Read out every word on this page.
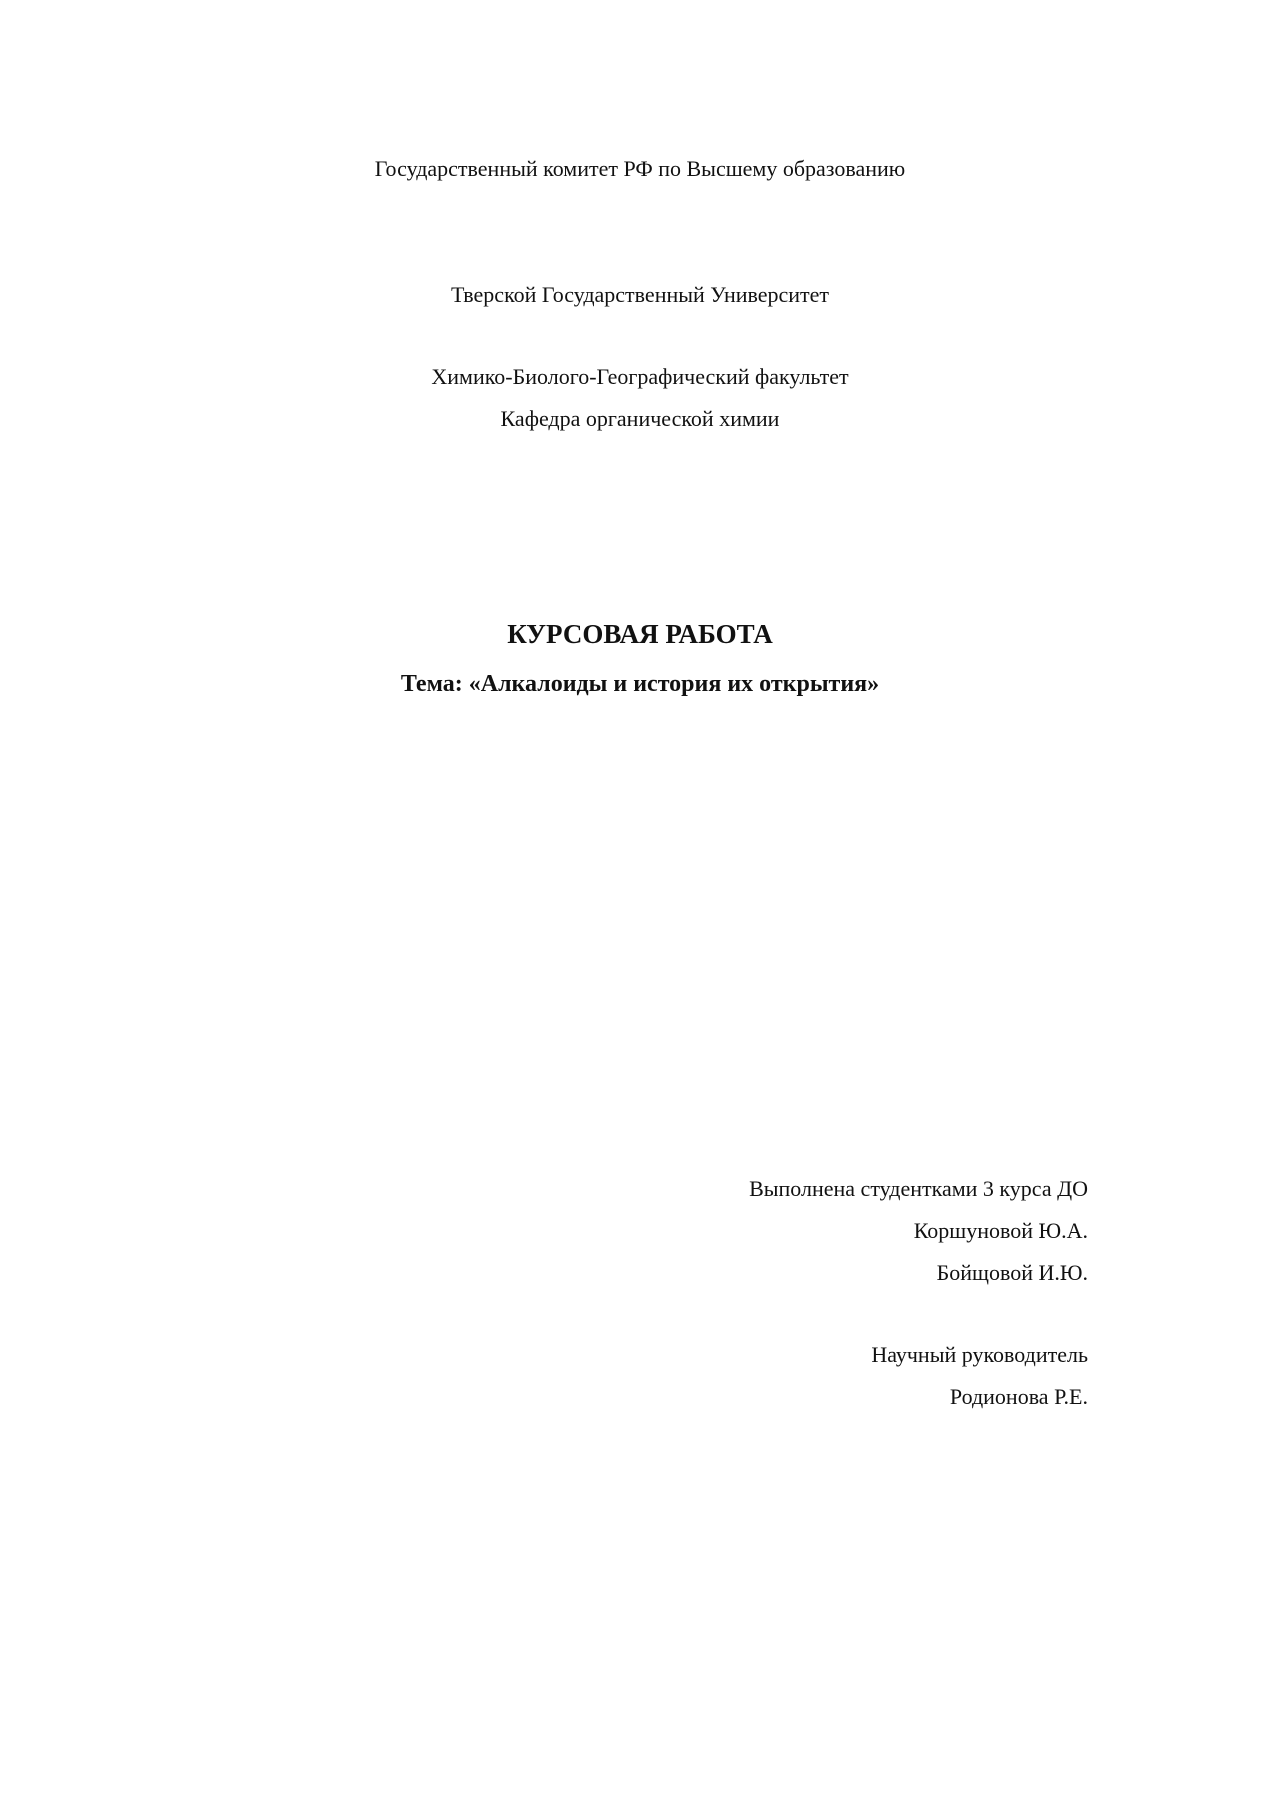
Государственный комитет РФ по Высшему образованию
Тверской Государственный Университет
Химико-Биолого-Географический факультет
Кафедра органической химии
КУРСОВАЯ РАБОТА
Тема: «Алкалоиды и история их открытия»
Выполнена студентками 3 курса ДО
Коршуновой Ю.А.
Бойщовой И.Ю.
Научный руководитель
Родионова Р.Е.
